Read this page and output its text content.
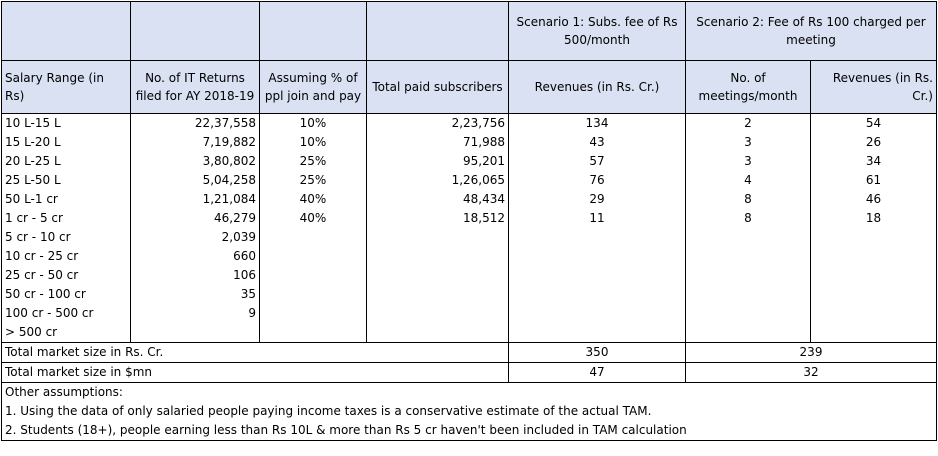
				Scenario 1: Subs. fee of Rs 500/month	Scenario 2: Fee of Rs 100 charged per meeting	
Salary Range (in Rs)	No. of IT Returns filed for AY 2018-19	Assuming % of ppl join and pay	Total paid subscribers	Revenues (in Rs. Cr.)	No. of meetings/month	Revenues (in Rs. Cr.)
10 L-15 L	22,37,558	10%	2,23,756	134	2	54
15 L-20 L	7,19,882	10%	71,988	43	3	26
20 L-25 L	3,80,802	25%	95,201	57	3	34
25 L-50 L	5,04,258	25%	1,26,065	76	4	61
50 L-1 cr	1,21,084	40%	48,434	29	8	46
1 cr - 5 cr	46,279	40%	18,512	11	8	18
5 cr - 10 cr	2,039					
10 cr - 25 cr	660					
25 cr - 50 cr	106					
50 cr - 100 cr	35					
100 cr - 500 cr	9					
> 500 cr						
Total market size in Rs. Cr.				350	239	
Total market size in $mn				47	32	
Other assumptions:						
1. Using the data of only salaried people paying income taxes is a conservative estimate of the actual TAM.						
2. Students (18+), people earning less than Rs 10L & more than Rs 5 cr haven't been included in TAM calculation						
